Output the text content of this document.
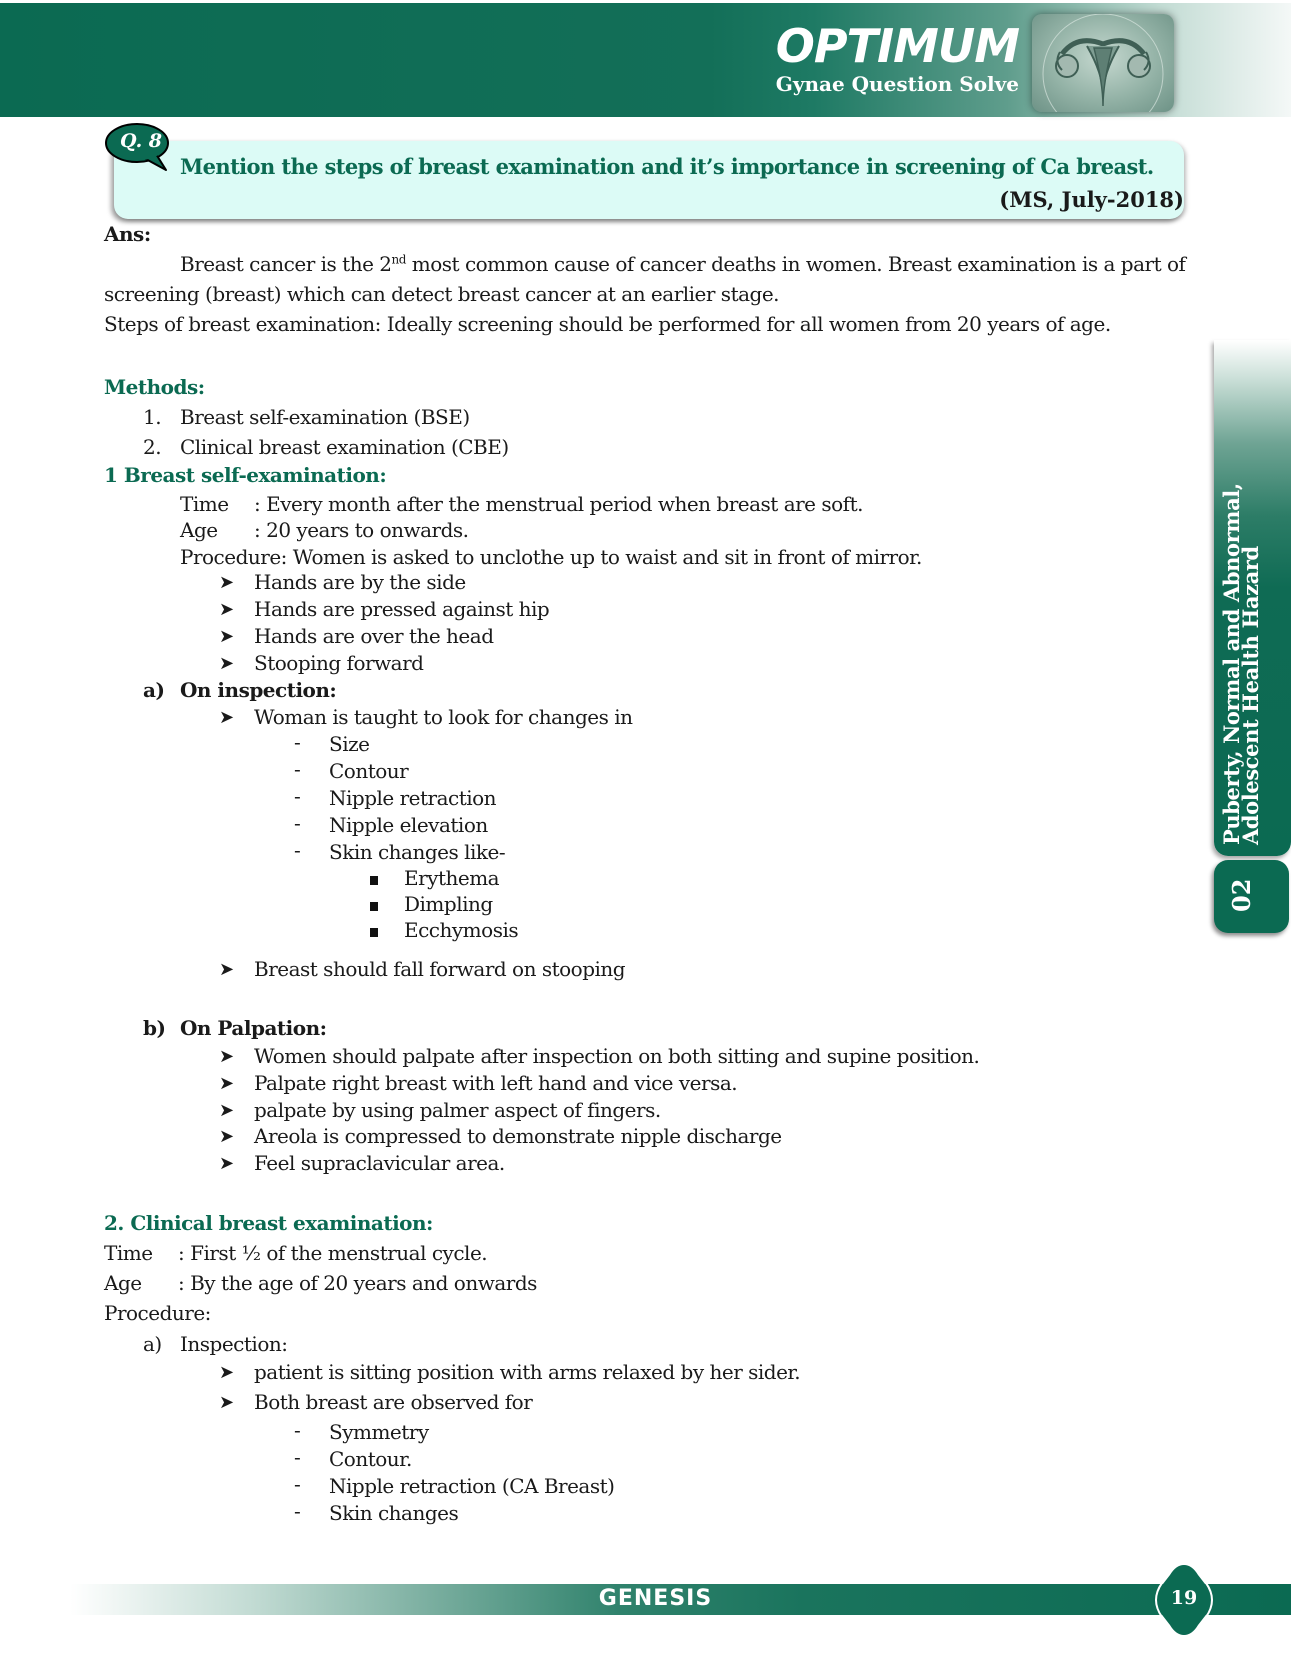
OPTIMUM
Gynae Question Solve
Q. 8
Mention the steps of breast examination and it’s importance in screening of Ca breast.
(MS, July-2018)
Ans:
Breast cancer is the 2nd most common cause of cancer deaths in women. Breast examination is a part of
screening (breast) which can detect breast cancer at an earlier stage.
Steps of breast examination: Ideally screening should be performed for all women from 20 years of age.
Methods:
1. Breast self-examination (BSE)
2. Clinical breast examination (CBE)
1 Breast self-examination:
Time : Every month after the menstrual period when breast are soft.
Age : 20 years to onwards.
Procedure: Women is asked to unclothe up to waist and sit in front of mirror.
➤ Hands are by the side
➤ Hands are pressed against hip
➤ Hands are over the head
➤ Stooping forward
a) On inspection:
➤ Woman is taught to look for changes in
- Size
- Contour
- Nipple retraction
- Nipple elevation
- Skin changes like-
Erythema
Dimpling
Ecchymosis
➤ Breast should fall forward on stooping
b) On Palpation:
➤ Women should palpate after inspection on both sitting and supine position.
➤ Palpate right breast with left hand and vice versa.
➤ palpate by using palmer aspect of fingers.
➤ Areola is compressed to demonstrate nipple discharge
➤ Feel supraclavicular area.
2. Clinical breast examination:
Time : First ½ of the menstrual cycle.
Age : By the age of 20 years and onwards
Procedure:
a) Inspection:
➤ patient is sitting position with arms relaxed by her sider.
➤ Both breast are observed for
- Symmetry
- Contour.
- Nipple retraction (CA Breast)
- Skin changes
Puberty, Normal and Abnormal,
Adolescent Health Hazard
02
GENESIS	19
